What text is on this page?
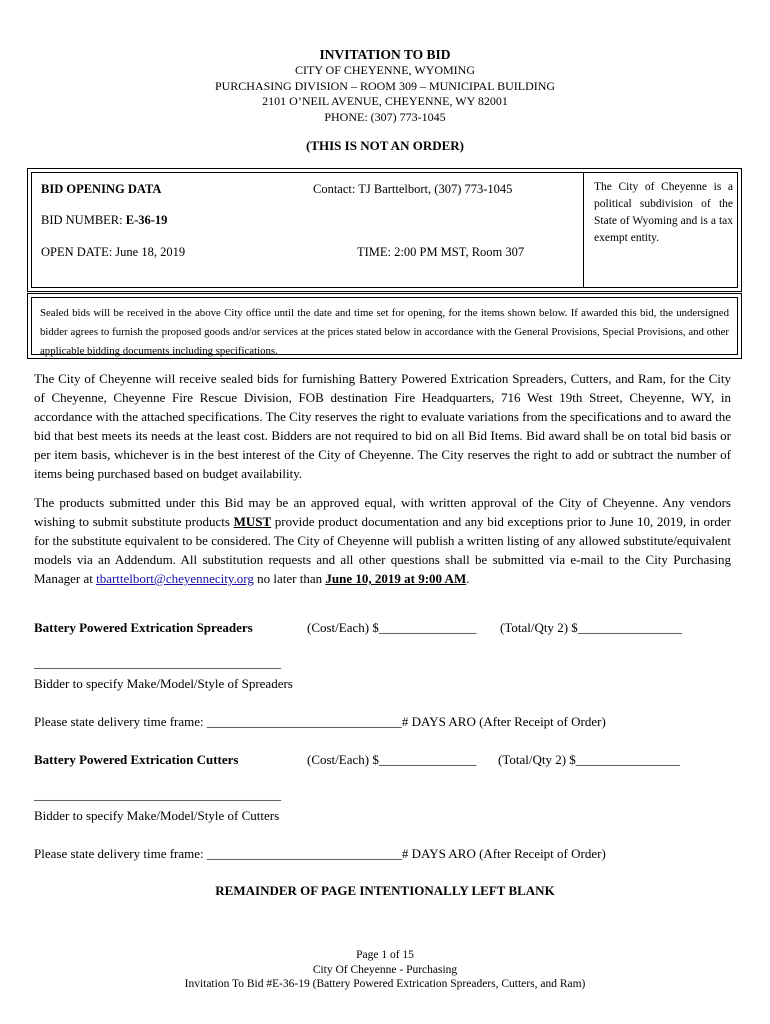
INVITATION TO BID
CITY OF CHEYENNE, WYOMING
PURCHASING DIVISION – ROOM 309 – MUNICIPAL BUILDING
2101 O’NEIL AVENUE, CHEYENNE, WY 82001
PHONE: (307) 773-1045
(THIS IS NOT AN ORDER)
BID OPENING DATA	Contact: TJ Barttelbort, (307) 773-1045
BID NUMBER: E-36-19
OPEN DATE: June 18, 2019	TIME: 2:00 PM MST, Room 307
The City of Cheyenne is a political subdivision of the State of Wyoming and is a tax exempt entity.
Sealed bids will be received in the above City office until the date and time set for opening, for the items shown below. If awarded this bid, the undersigned bidder agrees to furnish the proposed goods and/or services at the prices stated below in accordance with the General Provisions, Special Provisions, and other applicable bidding documents including specifications.
The City of Cheyenne will receive sealed bids for furnishing Battery Powered Extrication Spreaders, Cutters, and Ram, for the City of Cheyenne, Cheyenne Fire Rescue Division, FOB destination Fire Headquarters, 716 West 19th Street, Cheyenne, WY, in accordance with the attached specifications. The City reserves the right to evaluate variations from the specifications and to award the bid that best meets its needs at the least cost. Bidders are not required to bid on all Bid Items. Bid award shall be on total bid basis or per item basis, whichever is in the best interest of the City of Cheyenne. The City reserves the right to add or subtract the number of items being purchased based on budget availability.
The products submitted under this Bid may be an approved equal, with written approval of the City of Cheyenne. Any vendors wishing to submit substitute products MUST provide product documentation and any bid exceptions prior to June 10, 2019, in order for the substitute equivalent to be considered. The City of Cheyenne will publish a written listing of any allowed substitute/equivalent models via an Addendum. All substitution requests and all other questions shall be submitted via e-mail to the City Purchasing Manager at tbarttelbort@cheyennecity.org no later than June 10, 2019 at 9:00 AM.
Battery Powered Extrication Spreaders	(Cost/Each) $_______________ (Total/Qty 2) $________________
______________________________________
Bidder to specify Make/Model/Style of Spreaders
Please state delivery time frame: ______________________________# DAYS ARO (After Receipt of Order)
Battery Powered Extrication Cutters	(Cost/Each) $_______________ (Total/Qty 2) $________________
______________________________________
Bidder to specify Make/Model/Style of Cutters
Please state delivery time frame: ______________________________# DAYS ARO (After Receipt of Order)
REMAINDER OF PAGE INTENTIONALLY LEFT BLANK
Page 1 of 15
City Of Cheyenne - Purchasing
Invitation To Bid #E-36-19 (Battery Powered Extrication Spreaders, Cutters, and Ram)
